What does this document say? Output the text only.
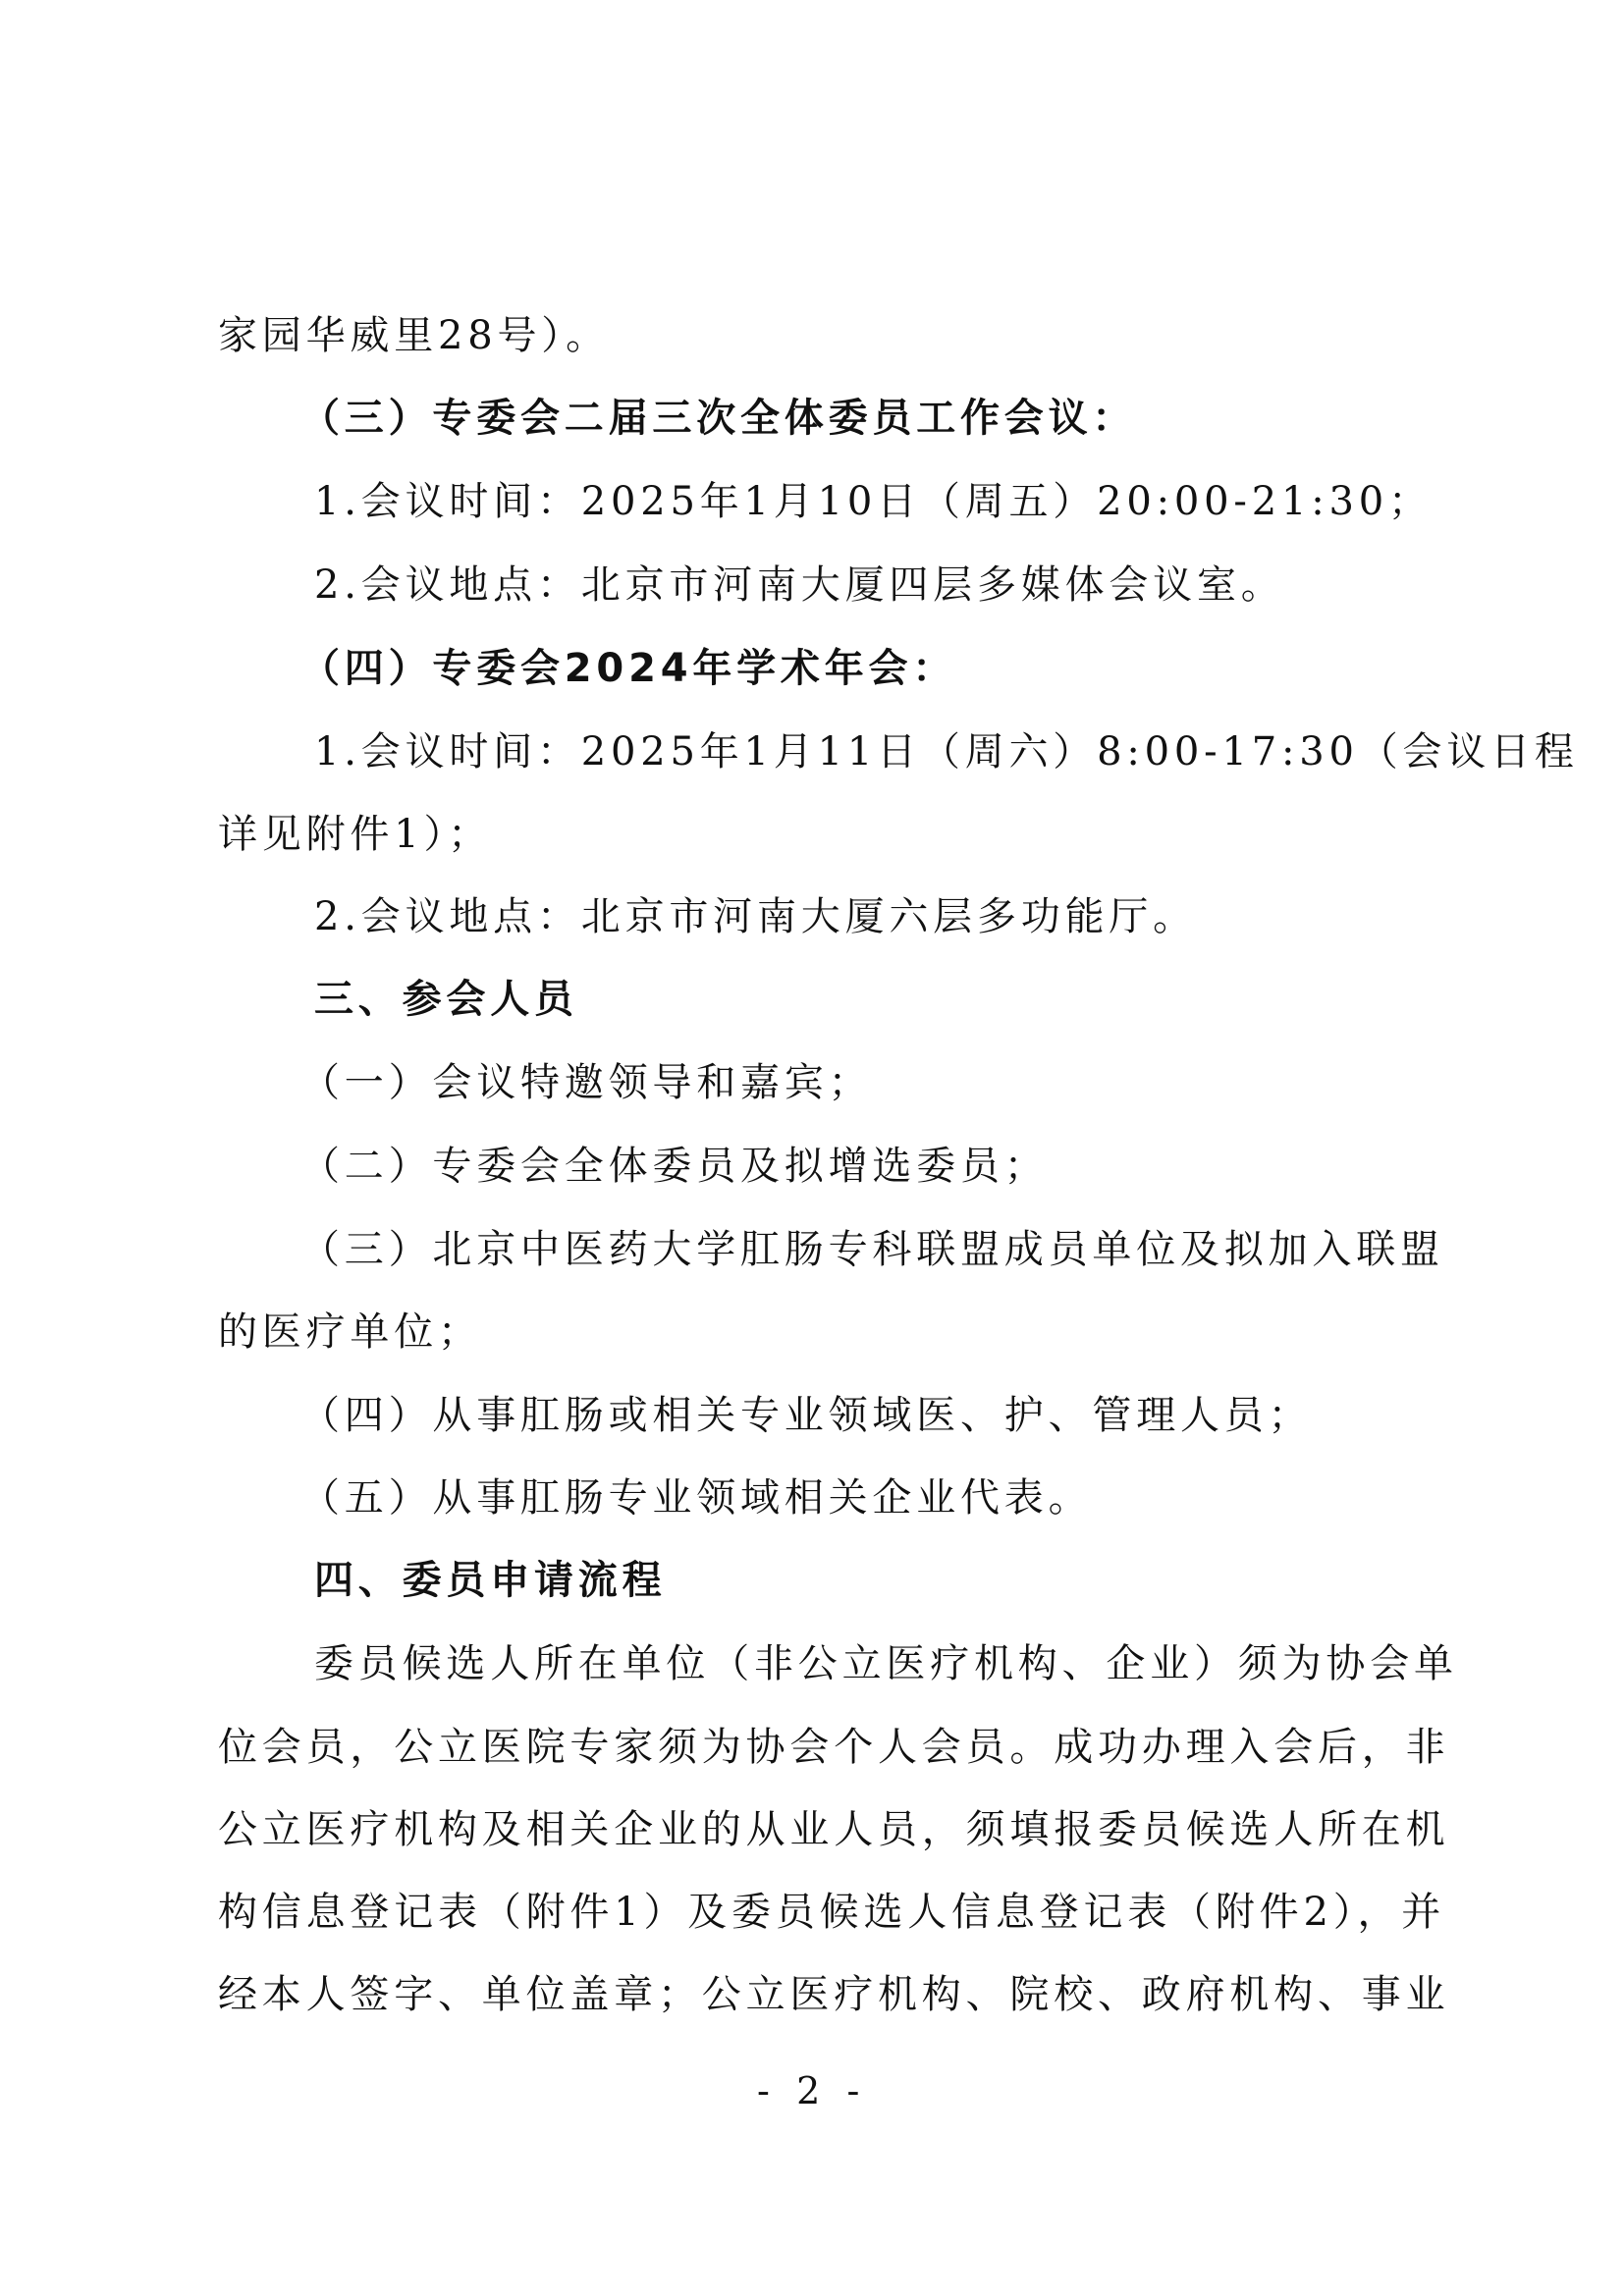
家园华威里28号）。
（三）专委会二届三次全体委员工作会议：
1.会议时间：2025年1月10日（周五）20:00-21:30；
2.会议地点：北京市河南大厦四层多媒体会议室。
（四）专委会2024年学术年会：
1.会议时间：2025年1月11日（周六）8:00-17:30（会议日程
详见附件1）；
2.会议地点：北京市河南大厦六层多功能厅。
三、参会人员
（一）会议特邀领导和嘉宾；
（二）专委会全体委员及拟增选委员；
（三）北京中医药大学肛肠专科联盟成员单位及拟加入联盟
的医疗单位；
（四）从事肛肠或相关专业领域医、护、管理人员；
（五）从事肛肠专业领域相关企业代表。
四、委员申请流程
委员候选人所在单位（非公立医疗机构、企业）须为协会单
位会员，公立医院专家须为协会个人会员。成功办理入会后，非
公立医疗机构及相关企业的从业人员，须填报委员候选人所在机
构信息登记表（附件1）及委员候选人信息登记表（附件2），并
经本人签字、单位盖章；公立医疗机构、院校、政府机构、事业
- 2 -
